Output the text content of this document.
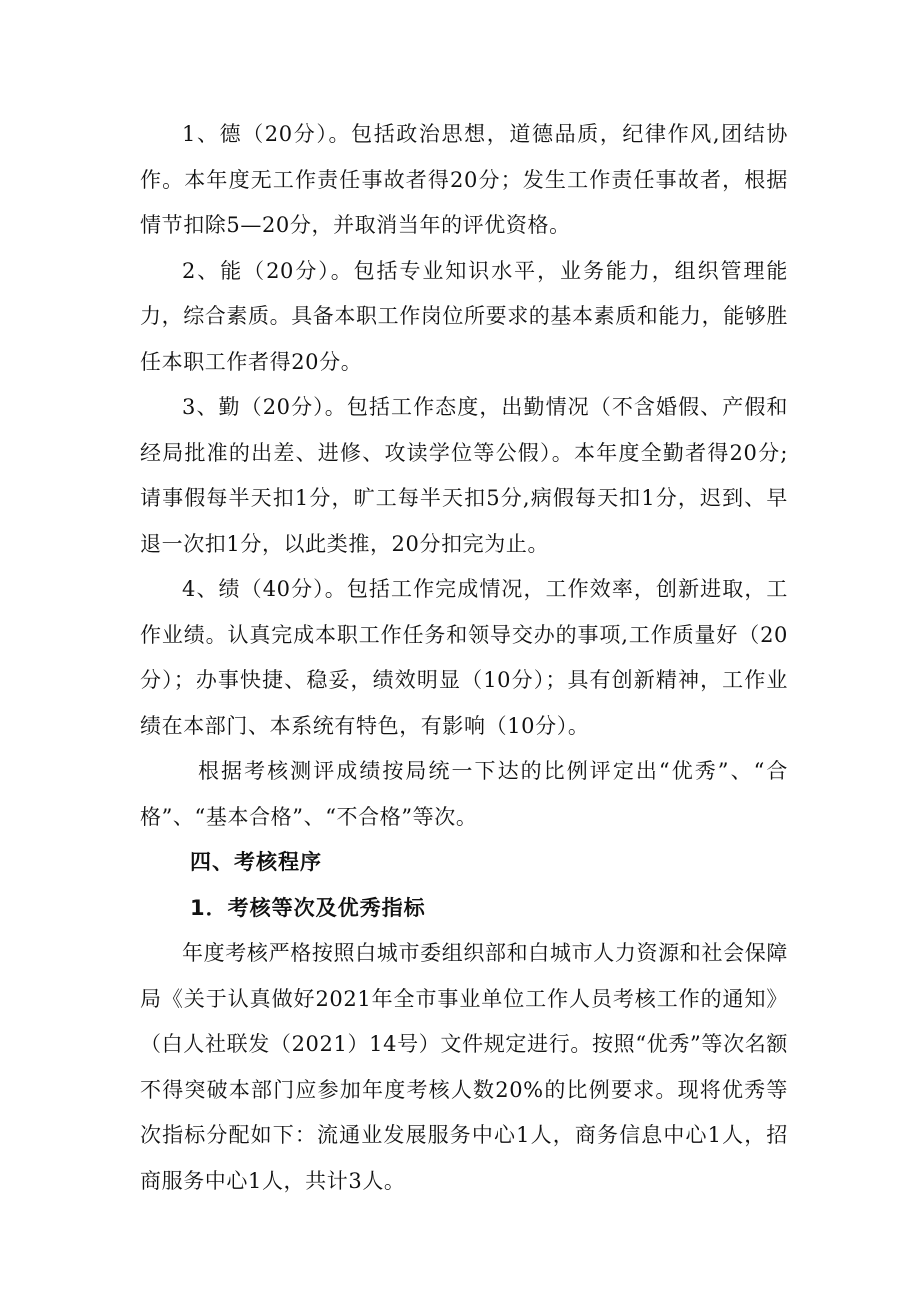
1、德（20分）。包括政治思想，道德品质，纪律作风,团结协作。本年度无工作责任事故者得20分；发生工作责任事故者，根据情节扣除5—20分，并取消当年的评优资格。

2、能（20分）。包括专业知识水平，业务能力，组织管理能力，综合素质。具备本职工作岗位所要求的基本素质和能力，能够胜任本职工作者得20分。

3、勤（20分）。包括工作态度，出勤情况（不含婚假、产假和经局批准的出差、进修、攻读学位等公假）。本年度全勤者得20分;请事假每半天扣1分，旷工每半天扣5分,病假每天扣1分，迟到、早退一次扣1分，以此类推，20分扣完为止。

4、绩（40分）。包括工作完成情况，工作效率，创新进取，工作业绩。认真完成本职工作任务和领导交办的事项,工作质量好（20分）；办事快捷、稳妥，绩效明显（10分）；具有创新精神，工作业绩在本部门、本系统有特色，有影响（10分）。

根据考核测评成绩按局统一下达的比例评定出“优秀”、“合格”、“基本合格”、“不合格”等次。

四、考核程序
1．考核等次及优秀指标

年度考核严格按照白城市委组织部和白城市人力资源和社会保障局《关于认真做好2021年全市事业单位工作人员考核工作的通知》（白人社联发（2021）14号）文件规定进行。按照“优秀”等次名额不得突破本部门应参加年度考核人数20%的比例要求。现将优秀等次指标分配如下：流通业发展服务中心1人，商务信息中心1人，招商服务中心1人，共计3人。
